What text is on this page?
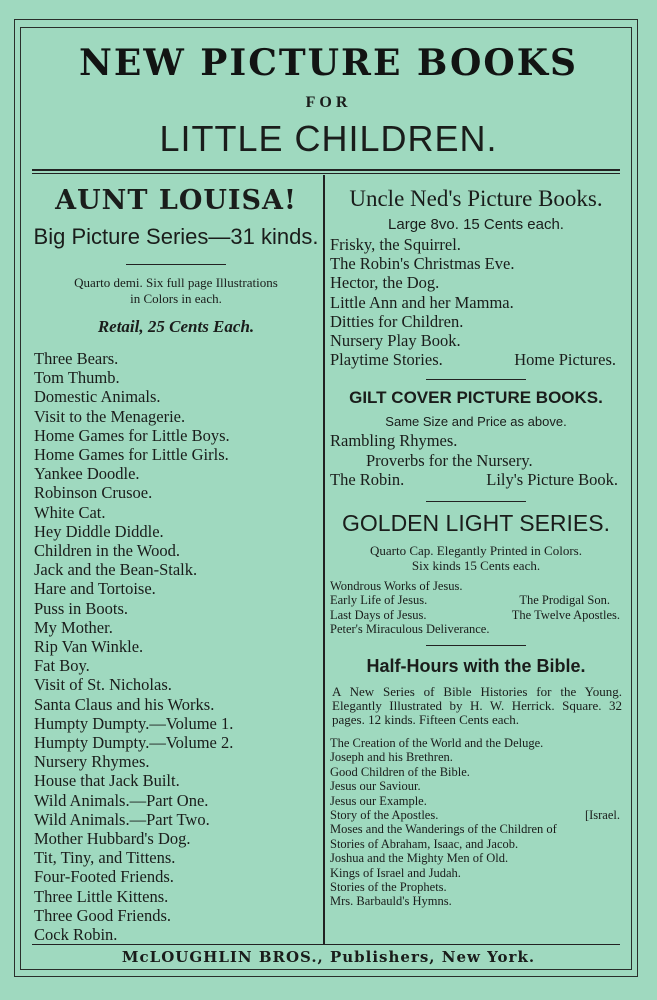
NEW PICTURE BOOKS
FOR
LITTLE CHILDREN.
AUNT LOUISA!
Big Picture Series—31 kinds.
Quarto demi. Six full page Illustrations
in Colors in each.
Retail, 25 Cents Each.
Three Bears.
Tom Thumb.
Domestic Animals.
Visit to the Menagerie.
Home Games for Little Boys.
Home Games for Little Girls.
Yankee Doodle.
Robinson Crusoe.
White Cat.
Hey Diddle Diddle.
Children in the Wood.
Jack and the Bean-Stalk.
Hare and Tortoise.
Puss in Boots.
My Mother.
Rip Van Winkle.
Fat Boy.
Visit of St. Nicholas.
Santa Claus and his Works.
Humpty Dumpty.—Volume 1.
Humpty Dumpty.—Volume 2.
Nursery Rhymes.
House that Jack Built.
Wild Animals.—Part One.
Wild Animals.—Part Two.
Mother Hubbard's Dog.
Tit, Tiny, and Tittens.
Four-Footed Friends.
Three Little Kittens.
Three Good Friends.
Cock Robin.
Uncle Ned's Picture Books.
Large 8vo. 15 Cents each.
Frisky, the Squirrel.
The Robin's Christmas Eve.
Hector, the Dog.
Little Ann and her Mamma.
Ditties for Children.
Nursery Play Book.
Playtime Stories.	Home Pictures.
GILT COVER PICTURE BOOKS.
Same Size and Price as above.
Rambling Rhymes.
Proverbs for the Nursery.
The Robin.	Lily's Picture Book.
GOLDEN LIGHT SERIES.
Quarto Cap. Elegantly Printed in Colors.
Six kinds 15 Cents each.
Wondrous Works of Jesus.
Early Life of Jesus.	The Prodigal Son.
Last Days of Jesus.	The Twelve Apostles.
Peter's Miraculous Deliverance.
Half-Hours with the Bible.
A New Series of Bible Histories for the Young. Elegantly Illustrated by H. W. Herrick. Square. 32 pages. 12 kinds. Fifteen Cents each.
The Creation of the World and the Deluge.
Joseph and his Brethren.
Good Children of the Bible.
Jesus our Saviour.
Jesus our Example.
Story of the Apostles.	[Israel.
Moses and the Wanderings of the Children of
Stories of Abraham, Isaac, and Jacob.
Joshua and the Mighty Men of Old.
Kings of Israel and Judah.
Stories of the Prophets.
Mrs. Barbauld's Hymns.
McLOUGHLIN BROS., Publishers, New York.
